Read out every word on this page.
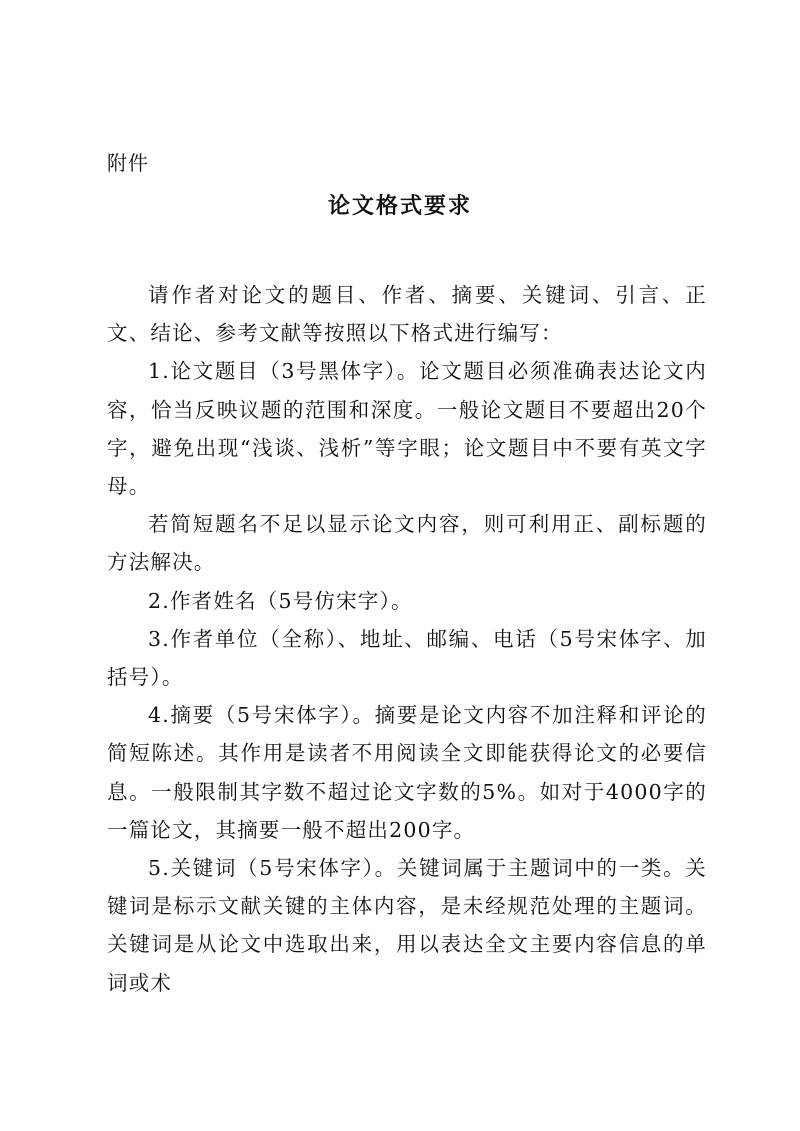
附件
论文格式要求

请作者对论文的题目、作者、摘要、关键词、引言、正文、结论、参考文献等按照以下格式进行编写：

1.论文题目（3号黑体字）。论文题目必须准确表达论文内容，恰当反映议题的范围和深度。一般论文题目不要超出20个字，避免出现“浅谈、浅析”等字眼；论文题目中不要有英文字母。

若简短题名不足以显示论文内容，则可利用正、副标题的方法解决。

2.作者姓名（5号仿宋字）。

3.作者单位（全称）、地址、邮编、电话（5号宋体字、加括号）。

4.摘要（5号宋体字）。摘要是论文内容不加注释和评论的简短陈述。其作用是读者不用阅读全文即能获得论文的必要信息。一般限制其字数不超过论文字数的5%。如对于4000字的一篇论文，其摘要一般不超出200字。

5.关键词（5号宋体字）。关键词属于主题词中的一类。关键词是标示文献关键的主体内容，是未经规范处理的主题词。关键词是从论文中选取出来，用以表达全文主要内容信息的单词或术
